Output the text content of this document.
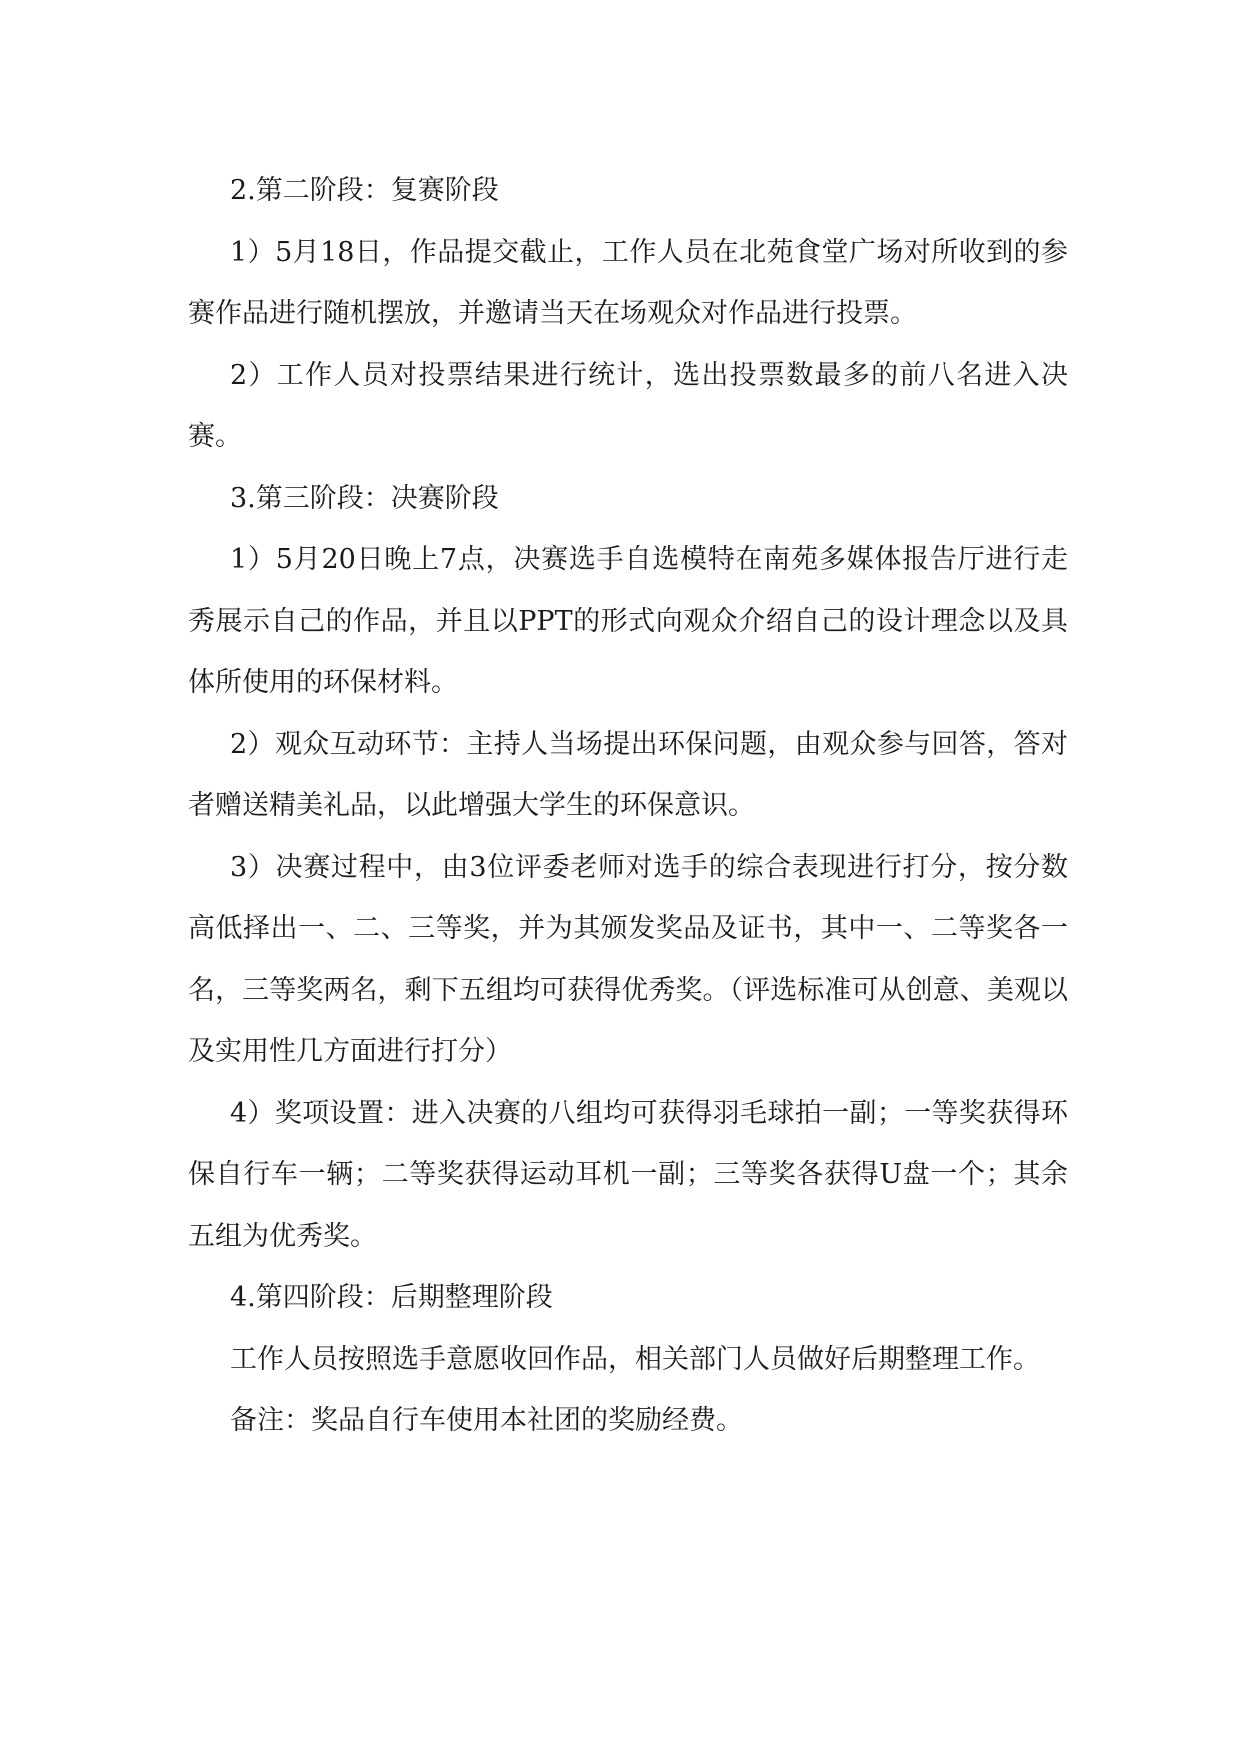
2.第二阶段：复赛阶段

1）5月18日，作品提交截止，工作人员在北苑食堂广场对所收到的参赛作品进行随机摆放，并邀请当天在场观众对作品进行投票。

2）工作人员对投票结果进行统计，选出投票数最多的前八名进入决赛。

3.第三阶段：决赛阶段

1）5月20日晚上7点，决赛选手自选模特在南苑多媒体报告厅进行走秀展示自己的作品，并且以PPT的形式向观众介绍自己的设计理念以及具体所使用的环保材料。

2）观众互动环节：主持人当场提出环保问题，由观众参与回答，答对者赠送精美礼品，以此增强大学生的环保意识。

3）决赛过程中，由3位评委老师对选手的综合表现进行打分，按分数高低择出一、二、三等奖，并为其颁发奖品及证书，其中一、二等奖各一名，三等奖两名，剩下五组均可获得优秀奖。（评选标准可从创意、美观以及实用性几方面进行打分）

4）奖项设置：进入决赛的八组均可获得羽毛球拍一副；一等奖获得环保自行车一辆；二等奖获得运动耳机一副；三等奖各获得U盘一个；其余五组为优秀奖。

4.第四阶段：后期整理阶段

工作人员按照选手意愿收回作品，相关部门人员做好后期整理工作。

备注：奖品自行车使用本社团的奖励经费。
